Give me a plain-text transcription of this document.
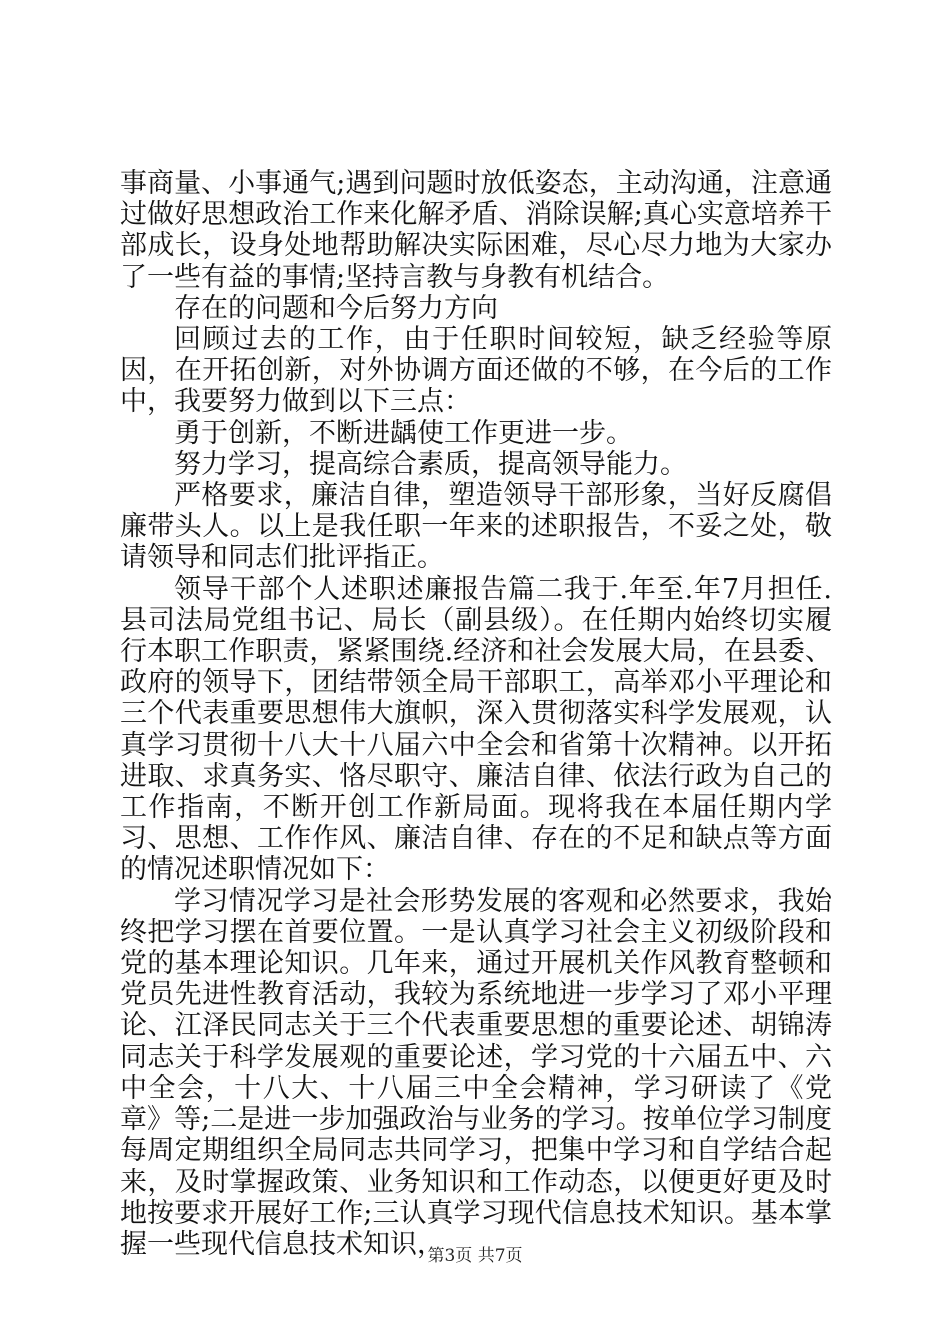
事商量、小事通气;遇到问题时放低姿态，主动沟通，注意通过做好思想政治工作来化解矛盾、消除误解;真心实意培养干部成长，设身处地帮助解决实际困难，尽心尽力地为大家办了一些有益的事情;坚持言教与身教有机结合。

存在的问题和今后努力方向

回顾过去的工作，由于任职时间较短，缺乏经验等原因，在开拓创新，对外协调方面还做的不够，在今后的工作中，我要努力做到以下三点：

勇于创新，不断进龋使工作更进一步。

努力学习，提高综合素质，提高领导能力。

严格要求，廉洁自律，塑造领导干部形象，当好反腐倡廉带头人。以上是我任职一年来的述职报告，不妥之处，敬请领导和同志们批评指正。

领导干部个人述职述廉报告篇二我于.年至.年7月担任.县司法局党组书记、局长（副县级）。在任期内始终切实履行本职工作职责，紧紧围绕.经济和社会发展大局，在县委、政府的领导下，团结带领全局干部职工，高举邓小平理论和三个代表重要思想伟大旗帜，深入贯彻落实科学发展观，认真学习贯彻十八大十八届六中全会和省第十次精神。以开拓进取、求真务实、恪尽职守、廉洁自律、依法行政为自己的工作指南，不断开创工作新局面。现将我在本届任期内学习、思想、工作作风、廉洁自律、存在的不足和缺点等方面的情况述职情况如下：

学习情况学习是社会形势发展的客观和必然要求，我始终把学习摆在首要位置。一是认真学习社会主义初级阶段和党的基本理论知识。几年来，通过开展机关作风教育整顿和党员先进性教育活动，我较为系统地进一步学习了邓小平理论、江泽民同志关于三个代表重要思想的重要论述、胡锦涛同志关于科学发展观的重要论述，学习党的十六届五中、六中全会，十八大、十八届三中全会精神，学习研读了《党章》等;二是进一步加强政治与业务的学习。按单位学习制度每周定期组织全局同志共同学习，把集中学习和自学结合起来，及时掌握政策、业务知识和工作动态，以便更好更及时地按要求开展好工作;三认真学习现代信息技术知识。基本掌握一些现代信息技术知识，

第3页 共7页
